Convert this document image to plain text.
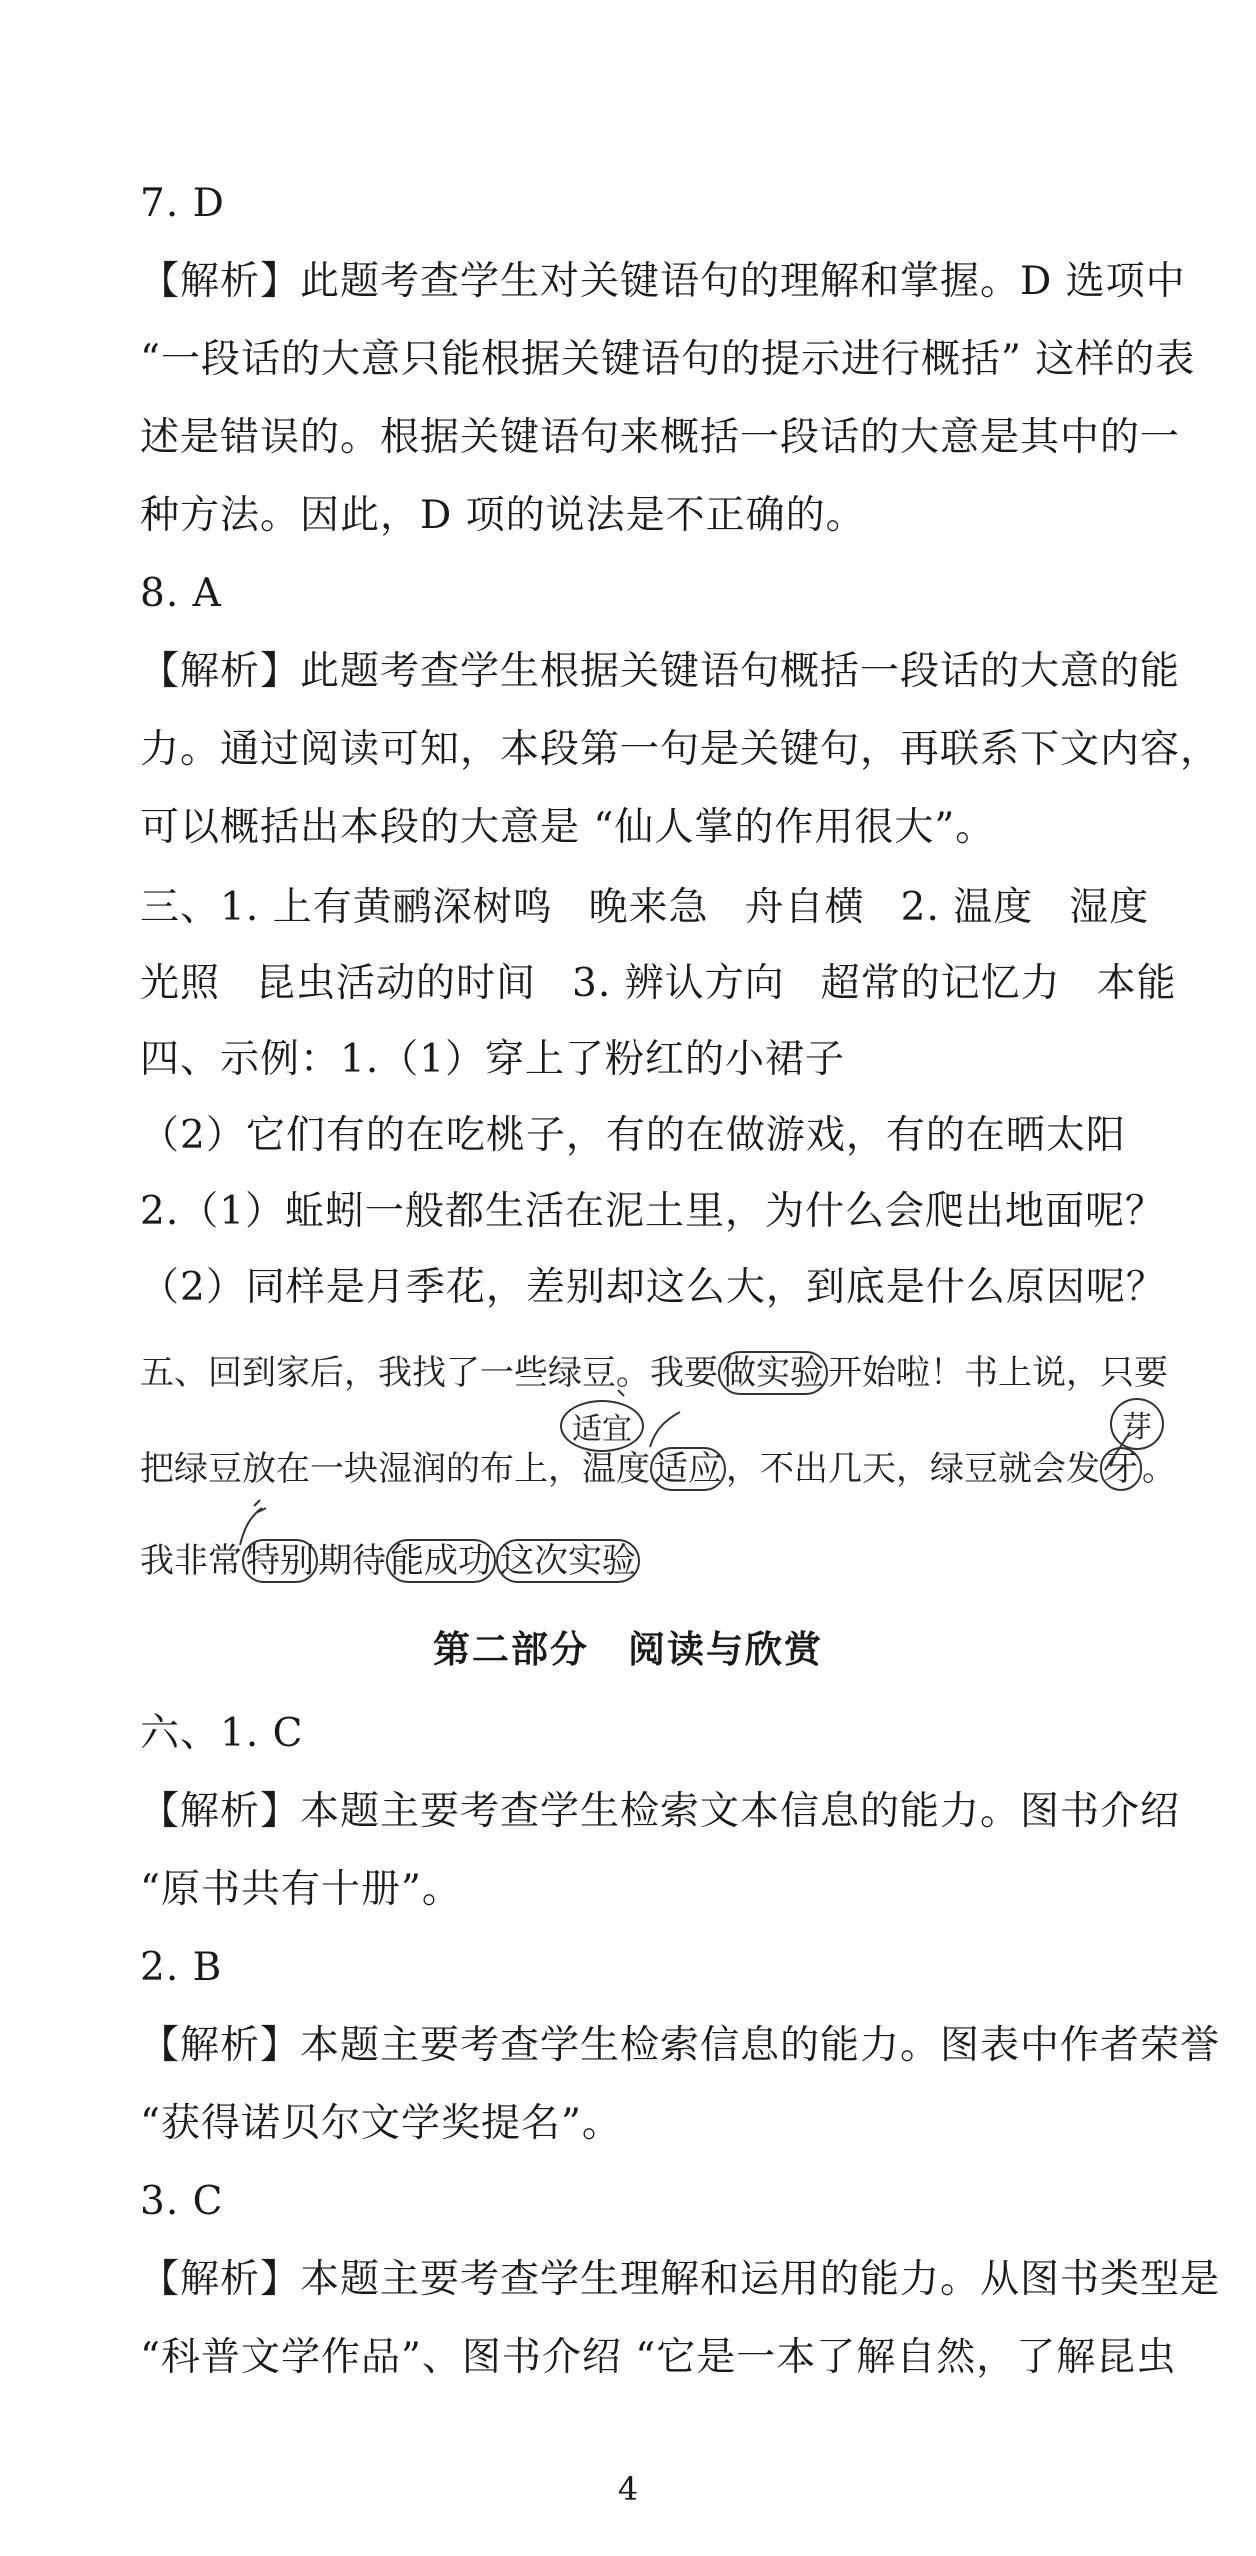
7. D
【解析】此题考查学生对关键语句的理解和掌握。D 选项中
“一段话的大意只能根据关键语句的提示进行概括” 这样的表
述是错误的。根据关键语句来概括一段话的大意是其中的一
种方法。因此，D 项的说法是不正确的。
8. A
【解析】此题考查学生根据关键语句概括一段话的大意的能
力。通过阅读可知，本段第一句是关键句，再联系下文内容，
可以概括出本段的大意是 “仙人掌的作用很大”。
三、1. 上有黄鹂深树鸣 晚来急 舟自横 2. 温度 湿度
光照 昆虫活动的时间 3. 辨认方向 超常的记忆力 本能
四、示例：1.（1）穿上了粉红的小裙子
（2）它们有的在吃桃子，有的在做游戏，有的在晒太阳
2.（1）蚯蚓一般都生活在泥土里，为什么会爬出地面呢？
（2）同样是月季花，差别却这么大，到底是什么原因呢？
五、回到家后，我找了一些绿豆。我要 做实验 开始啦！书上说，只要
把绿豆放在一块湿润的布上，温度 适应 ，不出几天，绿豆就会发 牙 。
我非常 特别 期待 能成功 这次实验
适宜	芽
第二部分　阅读与欣赏
六、1. C
【解析】本题主要考查学生检索文本信息的能力。图书介绍
“原书共有十册”。
2. B
【解析】本题主要考查学生检索信息的能力。图表中作者荣誉
“获得诺贝尔文学奖提名”。
3. C
【解析】本题主要考查学生理解和运用的能力。从图书类型是
“科普文学作品”、图书介绍 “它是一本了解自然，了解昆虫
4
